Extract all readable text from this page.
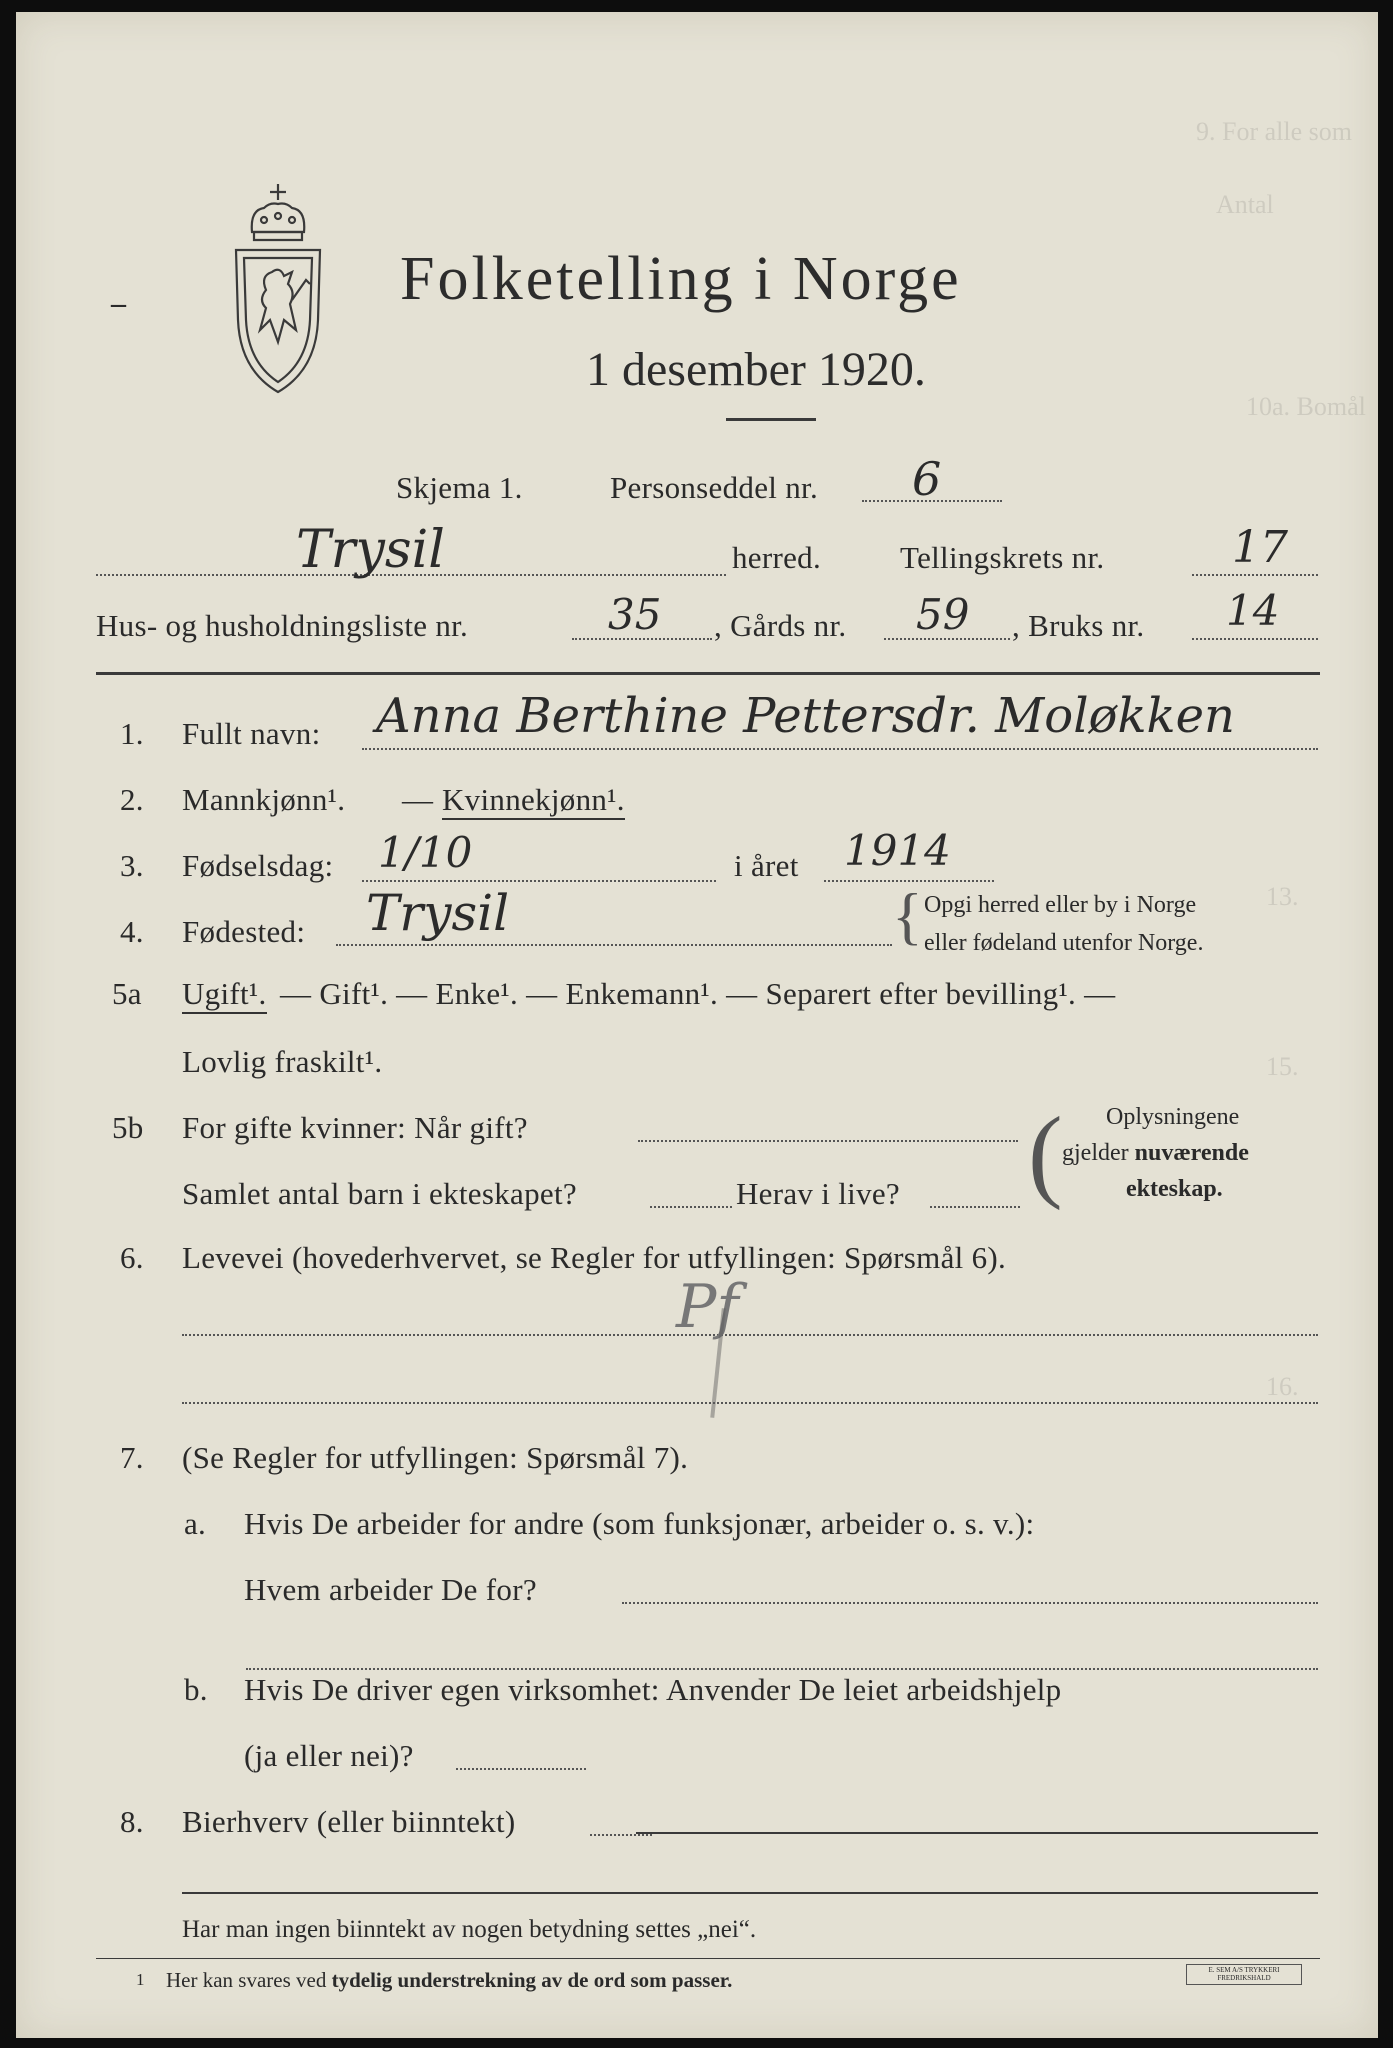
9. For alle som
Antal
10a. Bomål
13.
15.
16.
Folketelling i Norge
1 desember 1920.
–
Skjema 1.	Personseddel nr. 6
Trysil	herred.	Tellingskrets nr.	17
Hus- og husholdningsliste nr.	35 , Gårds nr. 59 , Bruks nr. 14
1. Fullt navn: Anna Berthine Pettersdr. Moløkken
2. Mannkjønn¹. — Kvinnekjønn¹.
3. Fødselsdag: 1/10	i året 1914
4. Fødested: Trysil	{ Opgi herred eller by i Norge
eller fødeland utenfor Norge.
5a Ugift¹. — Gift¹. — Enke¹. — Enkemann¹. — Separert efter bevilling¹. —
Lovlig fraskilt¹.
5b For gifte kvinner: Når gift?
Samlet antal barn i ekteskapet?	Herav i live? ( Oplysningene
gjelder nuværende
ekteskap.
6. Levevei (hovederhvervet, se Regler for utfyllingen: Spørsmål 6).
Pf
7. (Se Regler for utfyllingen: Spørsmål 7).
a. Hvis De arbeider for andre (som funksjonær, arbeider o. s. v.):
Hvem arbeider De for?
b. Hvis De driver egen virksomhet: Anvender De leiet arbeidshjelp
(ja eller nei)?
8. Bierhverv (eller biinntekt)
Har man ingen biinntekt av nogen betydning settes „nei“.
1 Her kan svares ved tydelig understrekning av de ord som passer.	E. SEM A/S TRYKKERI FREDRIKSHALD
